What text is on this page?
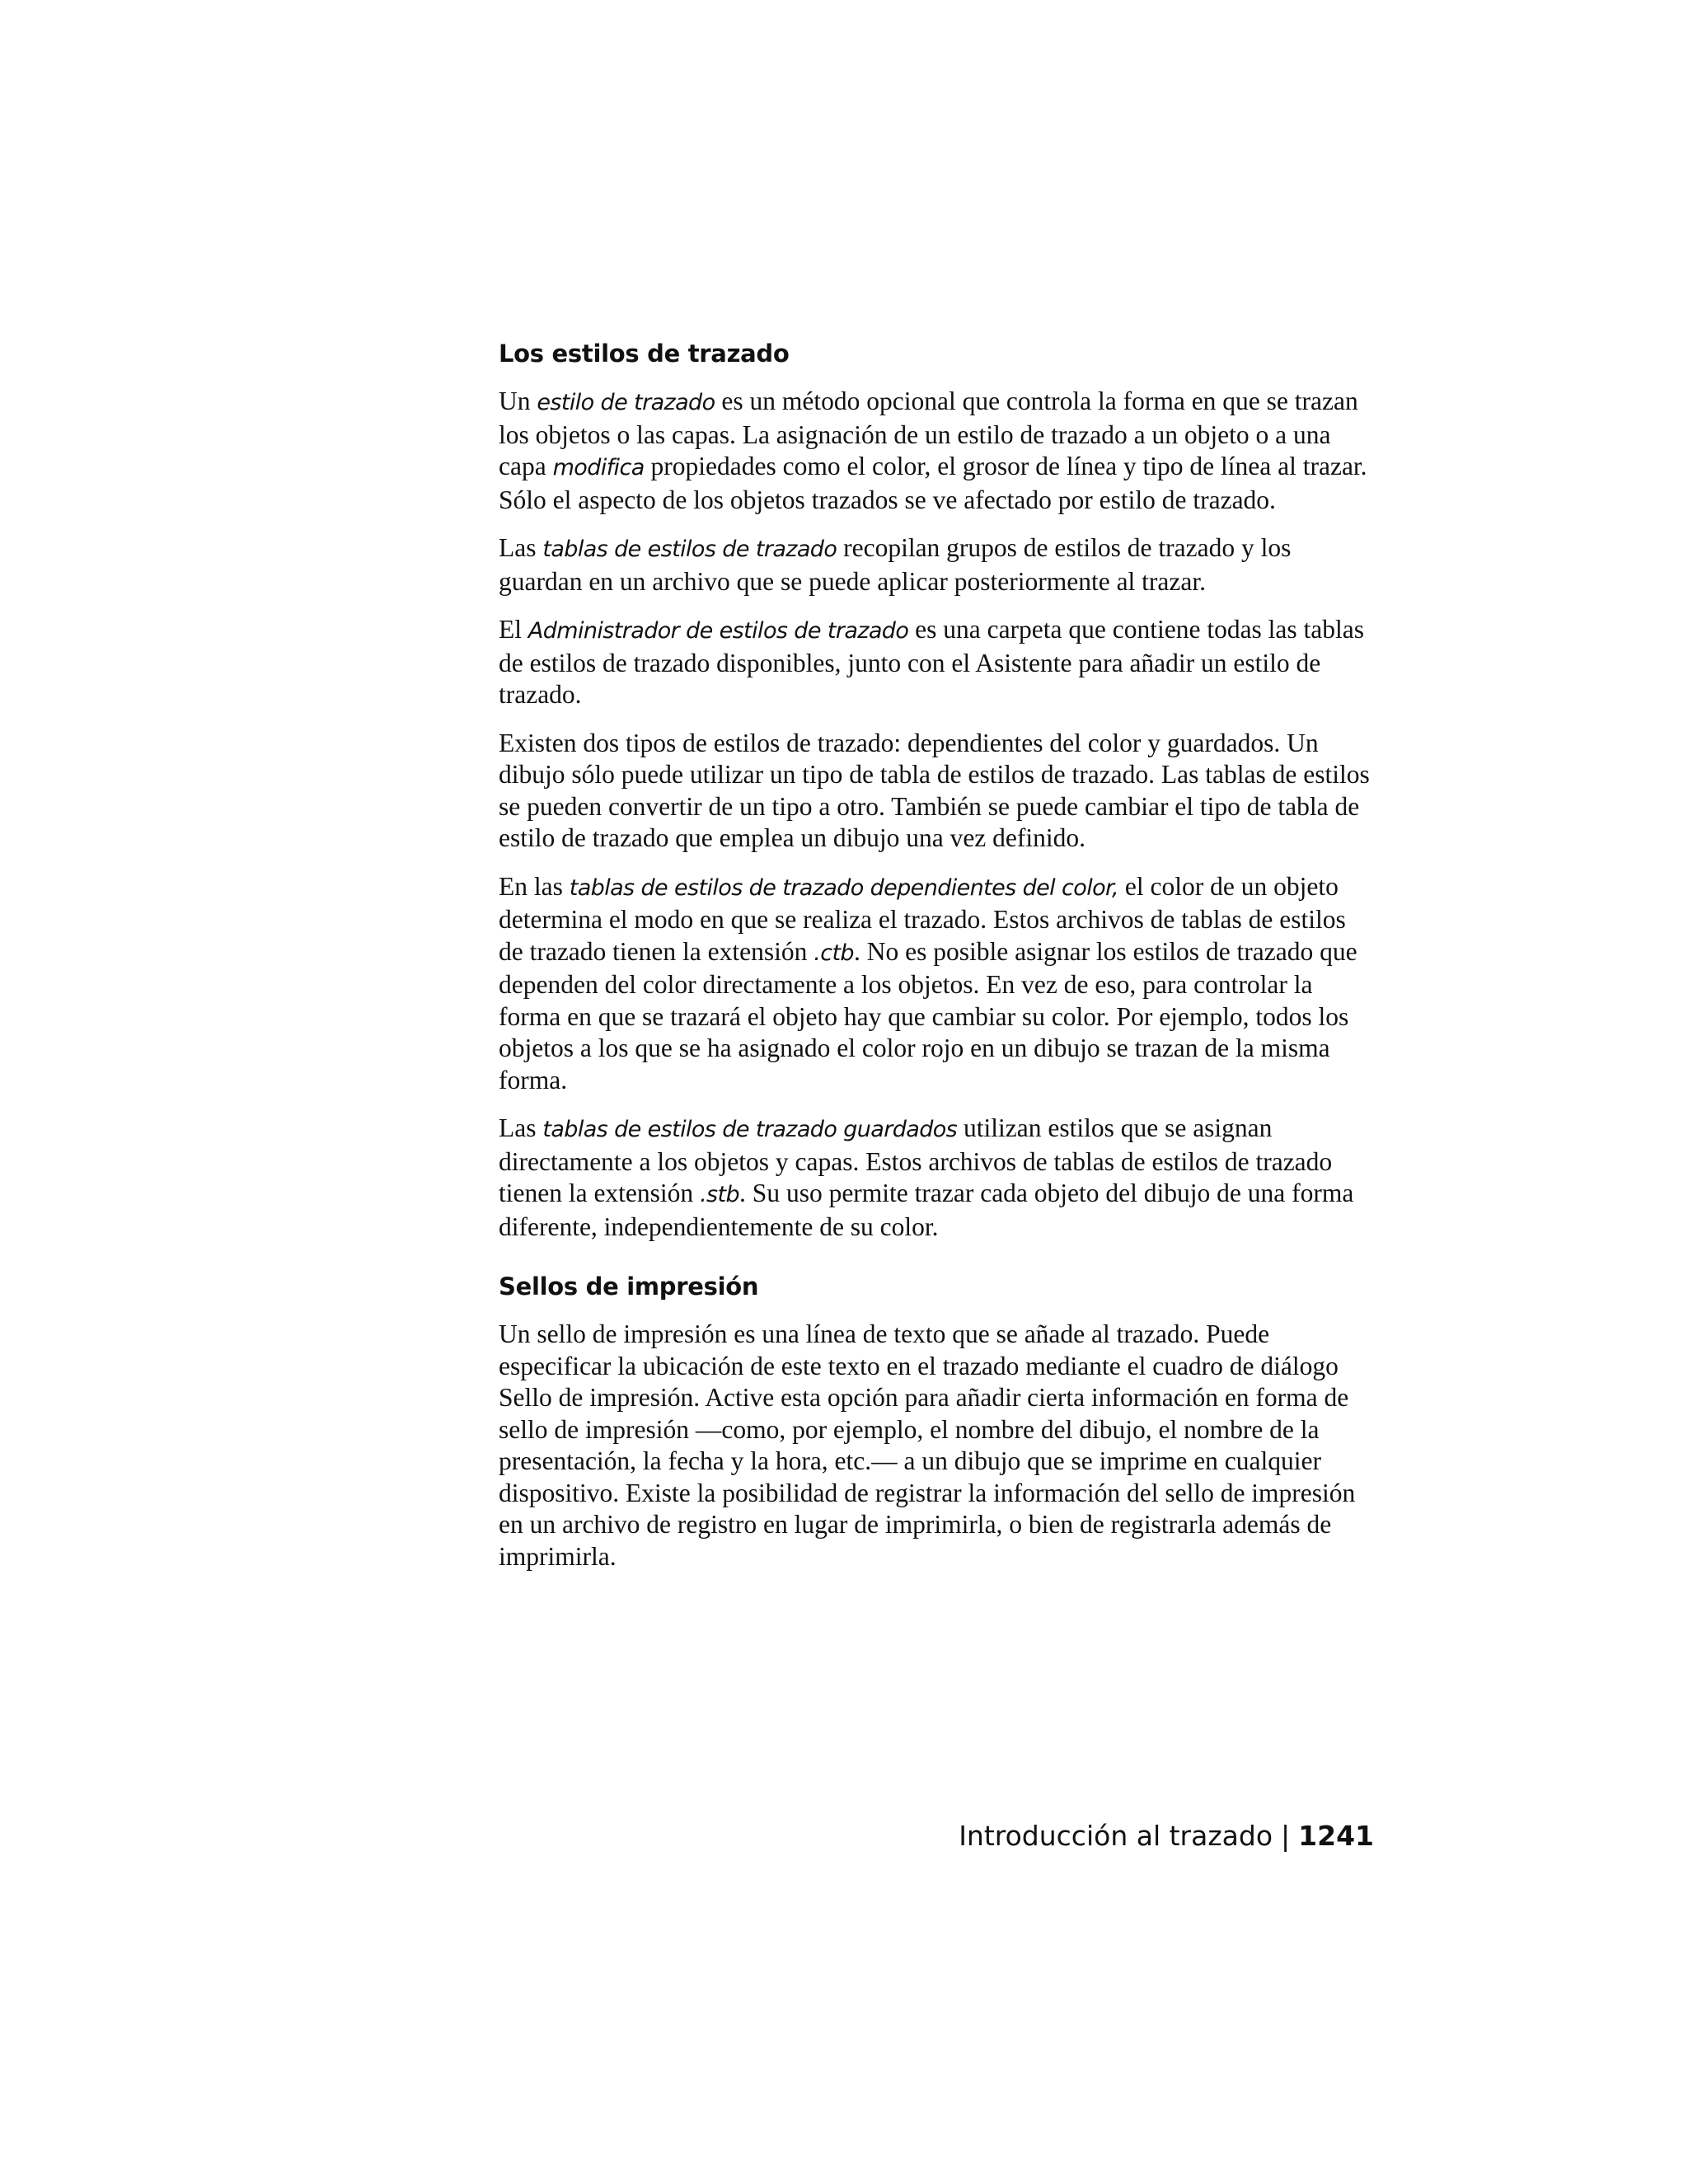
Los estilos de trazado

Un estilo de trazado es un método opcional que controla la forma en que se trazan los objetos o las capas. La asignación de un estilo de trazado a un objeto o a una capa modifica propiedades como el color, el grosor de línea y tipo de línea al trazar. Sólo el aspecto de los objetos trazados se ve afectado por estilo de trazado.

Las tablas de estilos de trazado recopilan grupos de estilos de trazado y los guardan en un archivo que se puede aplicar posteriormente al trazar.

El Administrador de estilos de trazado es una carpeta que contiene todas las tablas de estilos de trazado disponibles, junto con el Asistente para añadir un estilo de trazado.

Existen dos tipos de estilos de trazado: dependientes del color y guardados. Un dibujo sólo puede utilizar un tipo de tabla de estilos de trazado. Las tablas de estilos se pueden convertir de un tipo a otro. También se puede cambiar el tipo de tabla de estilo de trazado que emplea un dibujo una vez definido.

En las tablas de estilos de trazado dependientes del color, el color de un objeto determina el modo en que se realiza el trazado. Estos archivos de tablas de estilos de trazado tienen la extensión .ctb. No es posible asignar los estilos de trazado que dependen del color directamente a los objetos. En vez de eso, para controlar la forma en que se trazará el objeto hay que cambiar su color. Por ejemplo, todos los objetos a los que se ha asignado el color rojo en un dibujo se trazan de la misma forma.

Las tablas de estilos de trazado guardados utilizan estilos que se asignan directamente a los objetos y capas. Estos archivos de tablas de estilos de trazado tienen la extensión .stb. Su uso permite trazar cada objeto del dibujo de una forma diferente, independientemente de su color.

Sellos de impresión

Un sello de impresión es una línea de texto que se añade al trazado. Puede especificar la ubicación de este texto en el trazado mediante el cuadro de diálogo Sello de impresión. Active esta opción para añadir cierta información en forma de sello de impresión —como, por ejemplo, el nombre del dibujo, el nombre de la presentación, la fecha y la hora, etc.— a un dibujo que se imprime en cualquier dispositivo. Existe la posibilidad de registrar la información del sello de impresión en un archivo de registro en lugar de imprimirla, o bien de registrarla además de imprimirla.

Introducción al trazado | 1241
